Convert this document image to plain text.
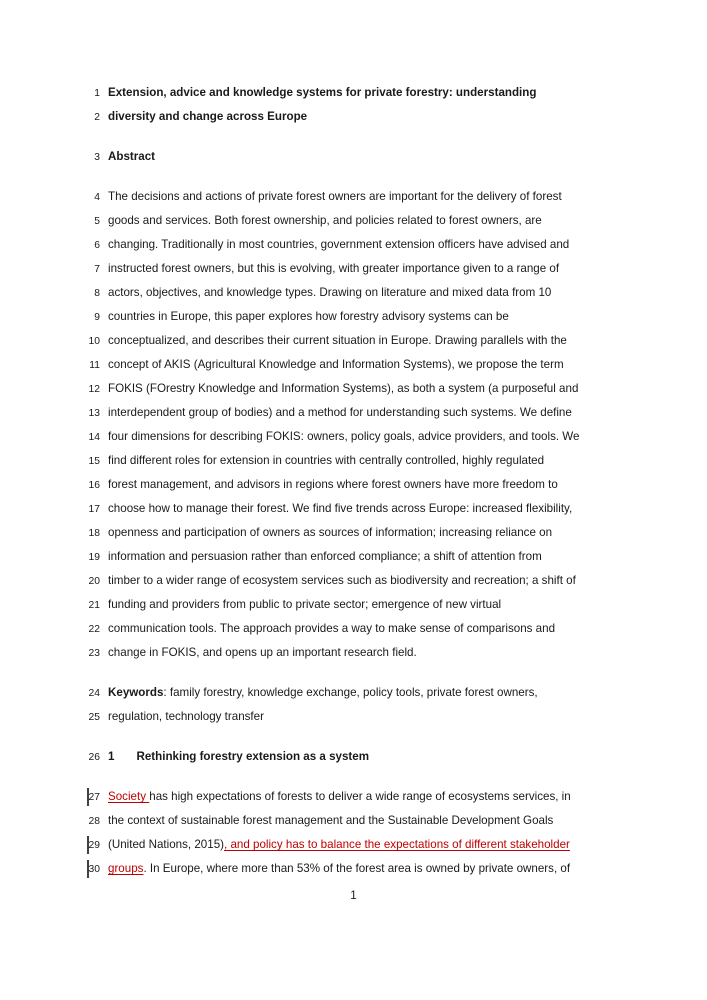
1 Extension, advice and knowledge systems for private forestry: understanding
2 diversity and change across Europe
3 Abstract
4 The decisions and actions of private forest owners are important for the delivery of forest
5 goods and services. Both forest ownership, and policies related to forest owners, are
6 changing. Traditionally in most countries, government extension officers have advised and
7 instructed forest owners, but this is evolving, with greater importance given to a range of
8 actors, objectives, and knowledge types. Drawing on literature and mixed data from 10
9 countries in Europe, this paper explores how forestry advisory systems can be
10 conceptualized, and describes their current situation in Europe. Drawing parallels with the
11 concept of AKIS (Agricultural Knowledge and Information Systems), we propose the term
12 FOKIS (FOrestry Knowledge and Information Systems), as both a system (a purposeful and
13 interdependent group of bodies) and a method for understanding such systems. We define
14 four dimensions for describing FOKIS: owners, policy goals, advice providers, and tools. We
15 find different roles for extension in countries with centrally controlled, highly regulated
16 forest management, and advisors in regions where forest owners have more freedom to
17 choose how to manage their forest. We find five trends across Europe: increased flexibility,
18 openness and participation of owners as sources of information; increasing reliance on
19 information and persuasion rather than enforced compliance; a shift of attention from
20 timber to a wider range of ecosystem services such as biodiversity and recreation; a shift of
21 funding and providers from public to private sector; emergence of new virtual
22 communication tools. The approach provides a way to make sense of comparisons and
23 change in FOKIS, and opens up an important research field.
24 Keywords: family forestry, knowledge exchange, policy tools, private forest owners,
25 regulation, technology transfer
26 1 Rethinking forestry extension as a system
27 Society has high expectations of forests to deliver a wide range of ecosystems services, in
28 the context of sustainable forest management and the Sustainable Development Goals
29 (United Nations, 2015), and policy has to balance the expectations of different stakeholder
30 groups. In Europe, where more than 53% of the forest area is owned by private owners, of
1
